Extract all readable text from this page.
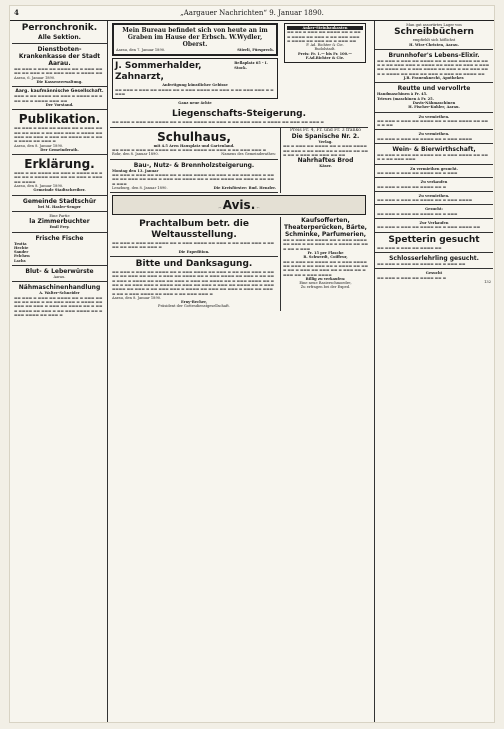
4	„Aargauer Nachrichten“ 9. Januar 1890.
Perronchronik.
Alle Sektion.
Dienstboten-Krankenkasse der Stadt Aarau.
▬▬ ▬▬▬ ▬ ▬▬▬ ▬▬ ▬▬▬▬ ▬▬ ▬ ▬▬▬ ▬▬▬▬ ▬▬ ▬▬▬ ▬ ▬▬ ▬▬▬ ▬▬▬ ▬ ▬▬▬▬ ▬▬
Aarau, 6. Januar 1890.
Die Kassenverwaltung.
Aarg. kaufmännische Gesellschaft.
▬▬▬ ▬ ▬▬ ▬▬▬▬ ▬▬ ▬▬▬ ▬ ▬▬▬▬ ▬▬ ▬▬▬ ▬▬ ▬ ▬▬▬▬ ▬▬▬ ▬▬
Der Vorstand.
Publikation.
▬▬ ▬▬▬ ▬ ▬▬▬ ▬▬ ▬▬▬▬ ▬▬ ▬ ▬▬▬ ▬▬▬▬ ▬▬ ▬▬▬ ▬ ▬▬ ▬▬▬ ▬▬▬ ▬ ▬▬▬▬ ▬▬ ▬▬▬ ▬▬ ▬▬▬ ▬ ▬▬▬ ▬▬ ▬▬▬▬ ▬▬ ▬ ▬▬▬ ▬▬▬▬ ▬▬ ▬▬▬ ▬
Aarau, den 8. Januar 1890.
Der Gemeinderath.
Erklärung.
▬▬▬ ▬ ▬▬ ▬▬▬▬ ▬▬ ▬▬▬ ▬ ▬▬▬▬ ▬▬ ▬▬▬ ▬▬ ▬ ▬▬▬▬ ▬▬▬ ▬▬ ▬▬ ▬▬▬ ▬ ▬▬▬ ▬▬ ▬▬▬▬
Aarau, den 8. Januar 1890.
Gemeinde Stadtschreiber.
Gemeinde Stadtschür
bei M. Hasler-Senger
Eine Partie
la Zimmerbuchter
Emil Frey.
Frische Fische
Trutta
Hechte
Sander
Felchen
Lachs
Blut- & Leberwürste
Aarau.
Nähmaschinenhandlung
A. Walter-Schneider
▬▬ ▬▬▬ ▬ ▬▬▬ ▬▬ ▬▬▬▬ ▬▬ ▬ ▬▬▬ ▬▬▬▬ ▬▬ ▬▬▬ ▬ ▬▬ ▬▬▬ ▬▬▬ ▬ ▬▬▬▬ ▬▬ ▬▬▬ ▬▬ ▬▬▬ ▬ ▬▬▬ ▬▬ ▬▬▬▬ ▬▬ ▬ ▬▬▬ ▬▬▬▬ ▬▬ ▬▬▬ ▬ ▬▬ ▬▬▬ ▬▬▬▬ ▬▬ ▬ ▬▬▬ ▬▬▬▬ ▬▬ ▬▬▬ ▬
Mein Bureau befindet sich von heute an im
Graben im Hause der Erbsch. W.Wydler, Oberst.
Aarau, den 7. Januar 1890.	Stierli, Fürsprech.
J. Sommerhalder, Zahnarzt,
Bellaplatz 65 - I. Stock.
Anfertigung künstlicher Gebisse
▬▬ ▬▬▬ ▬ ▬▬▬ ▬▬ ▬▬▬▬ ▬▬ ▬ ▬▬▬ ▬▬▬▬ ▬▬ ▬▬▬ ▬ ▬▬ ▬▬▬ ▬▬▬ ▬ ▬▬▬▬
Ganz neue ächte
Anker-Steinbaukasten
▬▬ ▬▬ ▬ ▬▬▬ ▬▬ ▬▬▬▬ ▬▬ ▬ ▬▬▬ ▬▬▬▬ ▬▬ ▬▬▬ ▬ ▬▬ ▬▬▬ ▬▬▬ ▬ ▬▬▬▬ ▬▬ ▬▬▬ ▬▬ ▬ ▬▬▬ ▬▬
F. Ad. Richter & Cie.
Rudolstadt.
Preis: Fr. 1.— bis Fr. 100.—
F.Ad.Richter & Cie.
Liegenschafts-Steigerung.
▬▬ ▬▬▬ ▬ ▬▬▬ ▬▬ ▬▬▬▬ ▬▬ ▬ ▬▬▬ ▬▬▬▬ ▬▬ ▬▬▬ ▬ ▬▬ ▬▬▬ ▬▬▬ ▬ ▬▬▬▬ ▬▬ ▬▬▬ ▬▬ ▬▬▬ ▬
Schulhaus,
mit 4.5 Aren Hausplatz und Gartenland.
▬▬ ▬▬▬ ▬ ▬▬▬ ▬▬ ▬▬▬▬ ▬▬ ▬ ▬▬▬ ▬▬▬▬ ▬▬ ▬▬▬ ▬ ▬▬ ▬▬▬ ▬▬▬ ▬
Rohr, den 8. Januar 1890.	Namens des Gemeinderathes:
Bau-, Nutz- & Brennholzsteigerung.
Montag den 13. Januar
▬▬ ▬▬▬ ▬ ▬▬▬ ▬▬ ▬▬▬▬ ▬▬ ▬ ▬▬▬ ▬▬▬▬ ▬▬ ▬▬▬ ▬ ▬▬ ▬▬▬ ▬▬▬ ▬ ▬▬▬▬ ▬▬ ▬▬▬ ▬▬ ▬▬▬ ▬ ▬▬▬ ▬▬ ▬▬▬▬ ▬▬ ▬ ▬▬▬ ▬▬▬▬ ▬▬ ▬▬▬ ▬ ▬▬ ▬▬▬ ▬▬▬
Lenzburg, den 8. Januar 1890.	Die Kreisförster: Rud. Henzler.
Preis Fr. 4, Fr. und Fr. 3 franko
Die Spanische Nr. 2.
Verlag.
▬▬ ▬ ▬▬▬ ▬▬ ▬▬▬▬ ▬▬ ▬ ▬▬▬ ▬▬▬▬ ▬▬ ▬▬▬ ▬ ▬▬ ▬▬▬ ▬▬ ▬ ▬▬▬▬ ▬▬ ▬▬▬ ▬▬ ▬ ▬▬▬ ▬▬ ▬▬▬ ▬▬ ▬▬
Nahrhaftes Brod
Käser.
☞ Avis. ☜
Prachtalbum betr. die Weltausstellung.
▬▬ ▬▬▬ ▬ ▬▬▬ ▬▬ ▬▬▬▬ ▬▬ ▬ ▬▬▬ ▬▬▬▬ ▬▬ ▬▬▬ ▬ ▬▬ ▬▬▬ ▬▬▬ ▬ ▬▬▬▬ ▬▬ ▬▬▬ ▬▬ ▬▬▬ ▬
Die Expedition.
Bitte und Danksagung.
▬▬ ▬▬▬ ▬ ▬▬▬ ▬▬ ▬▬▬▬ ▬▬ ▬ ▬▬▬ ▬▬▬▬ ▬▬ ▬▬▬ ▬ ▬▬ ▬▬▬ ▬▬▬ ▬ ▬▬▬▬ ▬▬ ▬▬▬ ▬▬ ▬▬▬ ▬ ▬▬▬ ▬▬ ▬▬▬▬ ▬▬ ▬ ▬▬▬ ▬▬▬▬ ▬▬ ▬▬▬ ▬ ▬▬ ▬▬▬ ▬▬▬ ▬ ▬▬▬▬ ▬▬ ▬▬▬ ▬▬ ▬▬▬ ▬ ▬▬▬ ▬▬ ▬▬▬▬ ▬▬ ▬ ▬▬▬ ▬▬▬▬ ▬▬ ▬▬▬ ▬ ▬▬ ▬▬▬ ▬▬▬ ▬ ▬▬▬▬ ▬▬ ▬▬▬ ▬▬ ▬▬▬ ▬ ▬▬▬ ▬▬ ▬▬▬▬ ▬▬ ▬ ▬▬▬ ▬▬▬▬ ▬▬ ▬▬▬ ▬ ▬▬ ▬▬▬ ▬▬▬ ▬ ▬▬▬▬ ▬▬ ▬▬▬ ▬▬ ▬▬▬ ▬ ▬▬▬ ▬▬ ▬▬▬▬ ▬▬ ▬ ▬▬▬ ▬▬▬▬ ▬▬ ▬▬▬ ▬ ▬▬ ▬▬▬ ▬▬▬ ▬
Aarau, den 8. Januar 1890.
Erny-Becher,
Präsident der Gottesdienstgesellschaft.
Kaufsofferten, Theaterperücken, Bärte, Schminke, Parfumerien,
▬▬ ▬ ▬▬▬ ▬▬ ▬▬▬▬ ▬▬ ▬ ▬▬▬ ▬▬▬▬ ▬▬ ▬▬▬ ▬ ▬▬ ▬▬▬ ▬▬ ▬ ▬▬▬▬ ▬▬ ▬▬▬ ▬▬ ▬ ▬▬▬
Fr. 15 per Flasche
R. Schwerdt, Coiffeur,
▬▬ ▬ ▬▬▬ ▬▬ ▬▬▬▬ ▬▬ ▬ ▬▬▬ ▬▬▬▬ ▬▬ ▬▬▬ ▬ ▬▬ ▬▬▬ ▬▬ ▬ ▬▬▬▬ ▬▬ ▬▬▬ ▬▬ ▬ ▬▬▬ ▬▬ ▬▬▬ ▬▬ ▬ ▬▬▬ ▬▬ ▬▬▬▬ ▬▬ ▬ ▬▬▬ ▬▬▬▬
Billig zu verkaufen:
Eine neue Rasierschmoedre,
Zu erfragen bei der Exped.
Man gut assortirtes Lager von
Schreibbüchern
empfiehlt sich höflichst
H. Wirz-Christen, Aarau.
Brunnhofer's Lebens-Elixir.
▬▬ ▬▬▬ ▬ ▬▬▬ ▬▬ ▬▬▬▬ ▬▬ ▬ ▬▬▬ ▬▬▬▬ ▬▬ ▬▬▬ ▬ ▬▬ ▬▬▬ ▬▬▬ ▬ ▬▬▬▬ ▬▬ ▬▬▬ ▬▬ ▬▬▬ ▬ ▬▬▬ ▬▬ ▬▬▬▬ ▬▬ ▬ ▬▬▬ ▬▬▬▬ ▬▬ ▬▬▬ ▬ ▬▬ ▬▬▬ ▬▬▬ ▬ ▬▬▬▬ ▬▬ ▬▬▬ ▬▬ ▬▬▬ ▬ ▬▬▬ ▬▬ ▬▬▬▬ ▬▬
J.B. Frauenknecht, Apotheker.
Reutte und vervollrte
Handmaschinen à Fr. 45.
Trieurs (maschinen à Fr. 25.
Davis-Nähmaschinen
H. Fischer-Kuhler, Aarau.
Zu vermiethen.
▬▬ ▬▬▬ ▬ ▬▬▬ ▬▬ ▬▬▬▬ ▬▬ ▬ ▬▬▬ ▬▬▬▬ ▬▬ ▬▬▬ ▬ ▬▬
Zu vermiethen.
▬▬ ▬▬▬ ▬ ▬▬▬ ▬▬ ▬▬▬▬ ▬▬ ▬ ▬▬▬ ▬▬▬▬
Wein- & Bierwirthschaft,
▬▬ ▬▬▬ ▬ ▬▬▬ ▬▬ ▬▬▬▬ ▬▬ ▬ ▬▬▬ ▬▬▬▬ ▬▬ ▬▬▬ ▬ ▬▬ ▬▬▬ ▬▬▬
Zu vermiethen gesucht.
▬▬ ▬▬▬ ▬ ▬▬▬ ▬▬ ▬▬▬▬ ▬▬ ▬ ▬▬▬
Zu verkaufen
▬▬ ▬▬▬ ▬ ▬▬▬ ▬▬ ▬▬▬▬ ▬▬ ▬
Zu vermiethen.
▬▬ ▬▬▬ ▬ ▬▬▬ ▬▬ ▬▬▬▬ ▬▬ ▬ ▬▬▬ ▬▬▬▬
Gesucht:
▬▬ ▬▬▬ ▬ ▬▬▬ ▬▬ ▬▬▬▬ ▬▬ ▬ ▬▬▬
Zur Verkaufen
▬▬ ▬▬▬ ▬ ▬▬▬ ▬▬ ▬▬▬▬ ▬▬ ▬ ▬▬▬ ▬▬▬▬ ▬▬
Spetterin gesucht
▬▬ ▬▬▬ ▬ ▬▬▬ ▬▬ ▬▬▬▬ ▬▬
Schlosserlehrling gesucht.
▬▬ ▬▬▬ ▬ ▬▬▬ ▬▬ ▬▬▬▬ ▬▬ ▬ ▬▬▬ ▬▬
Gesucht
▬▬ ▬▬▬ ▬ ▬▬▬ ▬▬ ▬▬▬▬ ▬▬ ▬
132
